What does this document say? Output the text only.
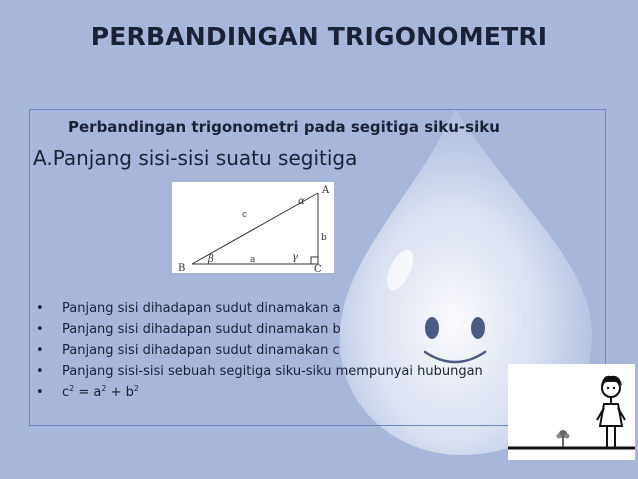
PERBANDINGAN TRIGONOMETRI
Perbandingan trigonometri pada segitiga siku-siku
A.Panjang sisi-sisi suatu segitiga
A
B	C
a
b
c
α
β	γ
• Panjang sisi dihadapan sudut dinamakan a
• Panjang sisi dihadapan sudut dinamakan b
• Panjang sisi dihadapan sudut dinamakan c
• Panjang sisi-sisi sebuah segitiga siku-siku mempunyai hubungan
• $c^2 = a^2 + b^2$
